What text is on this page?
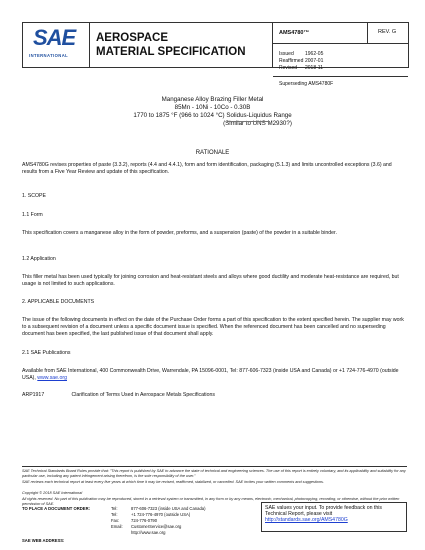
SAE
INTERNATIONAL
AEROSPACE
MATERIAL SPECIFICATION
AMS4780™	REV. G
Issued 1962-05
Reaffirmed 2007-01
Revised 2018-11
Superseding AMS4780F
Manganese Alloy Brazing Filler Metal
85Mn - 10Ni - 10Co - 0.30B
1770 to 1875 °F (966 to 1024 °C) Solidus-Liquidus Range
(Similar to UNS M2930?)
RATIONALE
AMS4780G revises properties of paste (3.3.2), reports (4.4 and 4.4.1), form and form identification, packaging (5.1.3) and limits uncontrolled exceptions (3.6) and results from a Five Year Review and update of this specification.
1. SCOPE
1.1 Form
This specification covers a manganese alloy in the form of powder, preforms, and a suspension (paste) of the powder in a suitable binder.
1.2 Application
This filler metal has been used typically for joining corrosion and heat-resistant steels and alloys where good ductility and moderate heat-resistance are required, but usage is not limited to such applications.
2. APPLICABLE DOCUMENTS
The issue of the following documents in effect on the date of the Purchase Order forms a part of this specification to the extent specified herein. The supplier may work to a subsequent revision of a document unless a specific document issue is specified. When the referenced document has been cancelled and no superseding document has been specified, the last published issue of that document shall apply.
2.1 SAE Publications
Available from SAE International, 400 Commonwealth Drive, Warrendale, PA 15096-0001, Tel: 877-606-7323 (inside USA and Canada) or +1 724-776-4970 (outside USA), www.sae.org
ARP1917	Clarification of Terms Used in Aerospace Metals Specifications
SAE Technical Standards Board Rules provide that: "This report is published by SAE to advance the state of technical and engineering sciences. The use of this report is entirely voluntary, and its applicability and suitability for any particular use, including any patent infringement arising therefrom, is the sole responsibility of the user."
SAE reviews each technical report at least every five years at which time it may be revised, reaffirmed, stabilized, or cancelled. SAE invites your written comments and suggestions.
Copyright © 2018 SAE International
All rights reserved. No part of this publication may be reproduced, stored in a retrieval system or transmitted, in any form or by any means, electronic, mechanical, photocopying, recording, or otherwise, without the prior written permission of SAE.
TO PLACE A DOCUMENT ORDER:	Tel:	877-606-7323 (inside USA and Canada)
Tel:	+1 724-776-4970 (outside USA)
Fax:	724-776-0790
Email: CustomerService@sae.org
http://www.sae.org
SAE WEB ADDRESS:
SAE values your input. To provide feedback on this
Technical Report, please visit
http://standards.sae.org/AMS4780G
